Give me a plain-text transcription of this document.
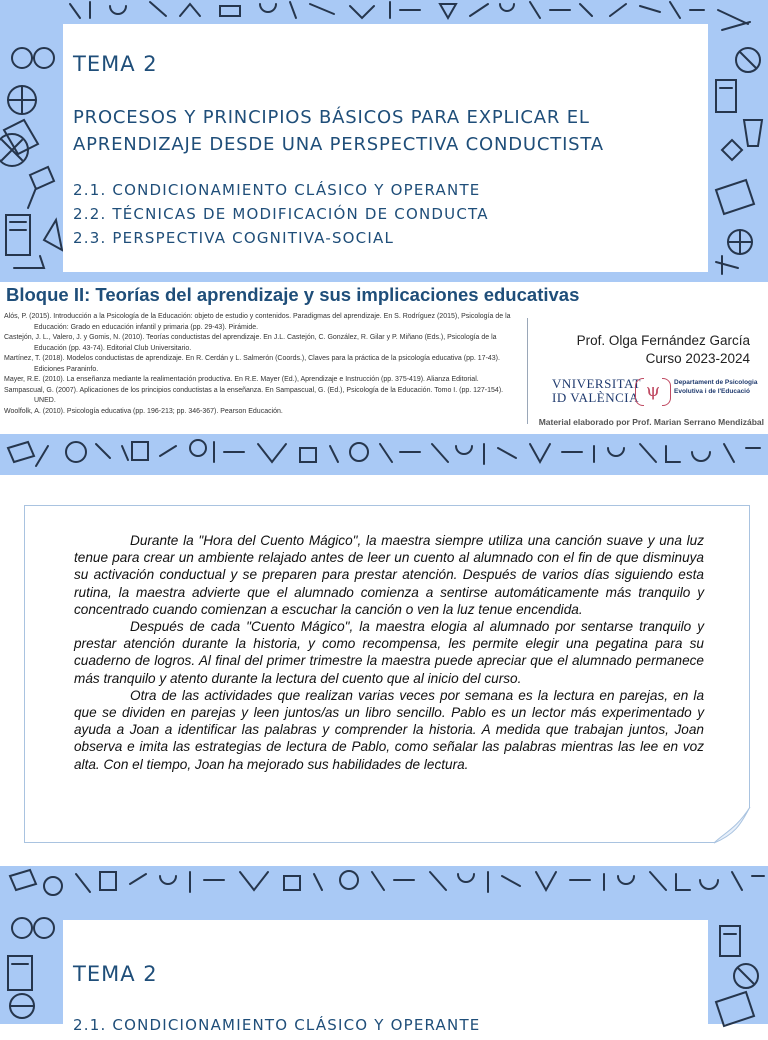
TEMA 2
PROCESOS Y PRINCIPIOS BÁSICOS PARA EXPLICAR EL
APRENDIZAJE DESDE UNA PERSPECTIVA CONDUCTISTA
2.1. CONDICIONAMIENTO CLÁSICO Y OPERANTE
2.2. TÉCNICAS DE MODIFICACIÓN DE CONDUCTA
2.3. PERSPECTIVA COGNITIVA-SOCIAL
Bloque II: Teorías del aprendizaje y sus implicaciones educativas
Alós, P. (2015). Introducción a la Psicología de la Educación: objeto de estudio y contenidos. Paradigmas del aprendizaje. En S. Rodríguez (2015), Psicología de la Educación: Grado en educación infantil y primaria (pp. 29-43). Pirámide.
Castejón, J. L., Valero, J. y Gomis, N. (2010). Teorías conductistas del aprendizaje. En J.L. Castejón, C. González, R. Gilar y P. Miñano (Eds.), Psicología de la Educación (pp. 43-74). Editorial Club Universitario.
Martínez, T. (2018). Modelos conductistas de aprendizaje. En R. Cerdán y L. Salmerón (Coords.), Claves para la práctica de la psicología educativa (pp. 17-43). Ediciones Paraninfo.
Mayer, R.E. (2010). La enseñanza mediante la realimentación productiva. En R.E. Mayer (Ed.), Aprendizaje e Instrucción (pp. 375-419). Alianza Editorial.
Sampascual, G. (2007). Aplicaciones de los principios conductistas a la enseñanza. En Sampascual, G. (Ed.), Psicología de la Educación. Tomo I. (pp. 127-154). UNED.
Woolfolk, A. (2010). Psicología educativa (pp. 196-213; pp. 346-367). Pearson Educación.
Prof. Olga Fernández García
Curso 2023-2024
VNIVERSITAT
ID VALÈNCIA ψ	Departament de Psicologia
Evolutiva i de l'Educació
Material elaborado por Prof. Marian Serrano Mendizábal

Durante la "Hora del Cuento Mágico", la maestra siempre utiliza una canción suave y una luz tenue para crear un ambiente relajado antes de leer un cuento al alumnado con el fin de que disminuya su activación conductual y se preparen para prestar atención. Después de varios días siguiendo esta rutina, la maestra advierte que el alumnado comienza a sentirse automáticamente más tranquilo y concentrado cuando comienzan a escuchar la canción o ven la luz tenue encendida.

Después de cada "Cuento Mágico", la maestra elogia al alumnado por sentarse tranquilo y prestar atención durante la historia, y como recompensa, les permite elegir una pegatina para su cuaderno de logros. Al final del primer trimestre la maestra puede apreciar que el alumnado permanece más tranquilo y atento durante la lectura del cuento que al inicio del curso.

Otra de las actividades que realizan varias veces por semana es la lectura en parejas, en la que se dividen en parejas y leen juntos/as un libro sencillo. Pablo es un lector más experimentado y ayuda a Joan a identificar las palabras y comprender la historia. A medida que trabajan juntos, Joan observa e imita las estrategias de lectura de Pablo, como señalar las palabras mientras las lee en voz alta. Con el tiempo, Joan ha mejorado sus habilidades de lectura.

TEMA 2
2.1. CONDICIONAMIENTO CLÁSICO Y OPERANTE
